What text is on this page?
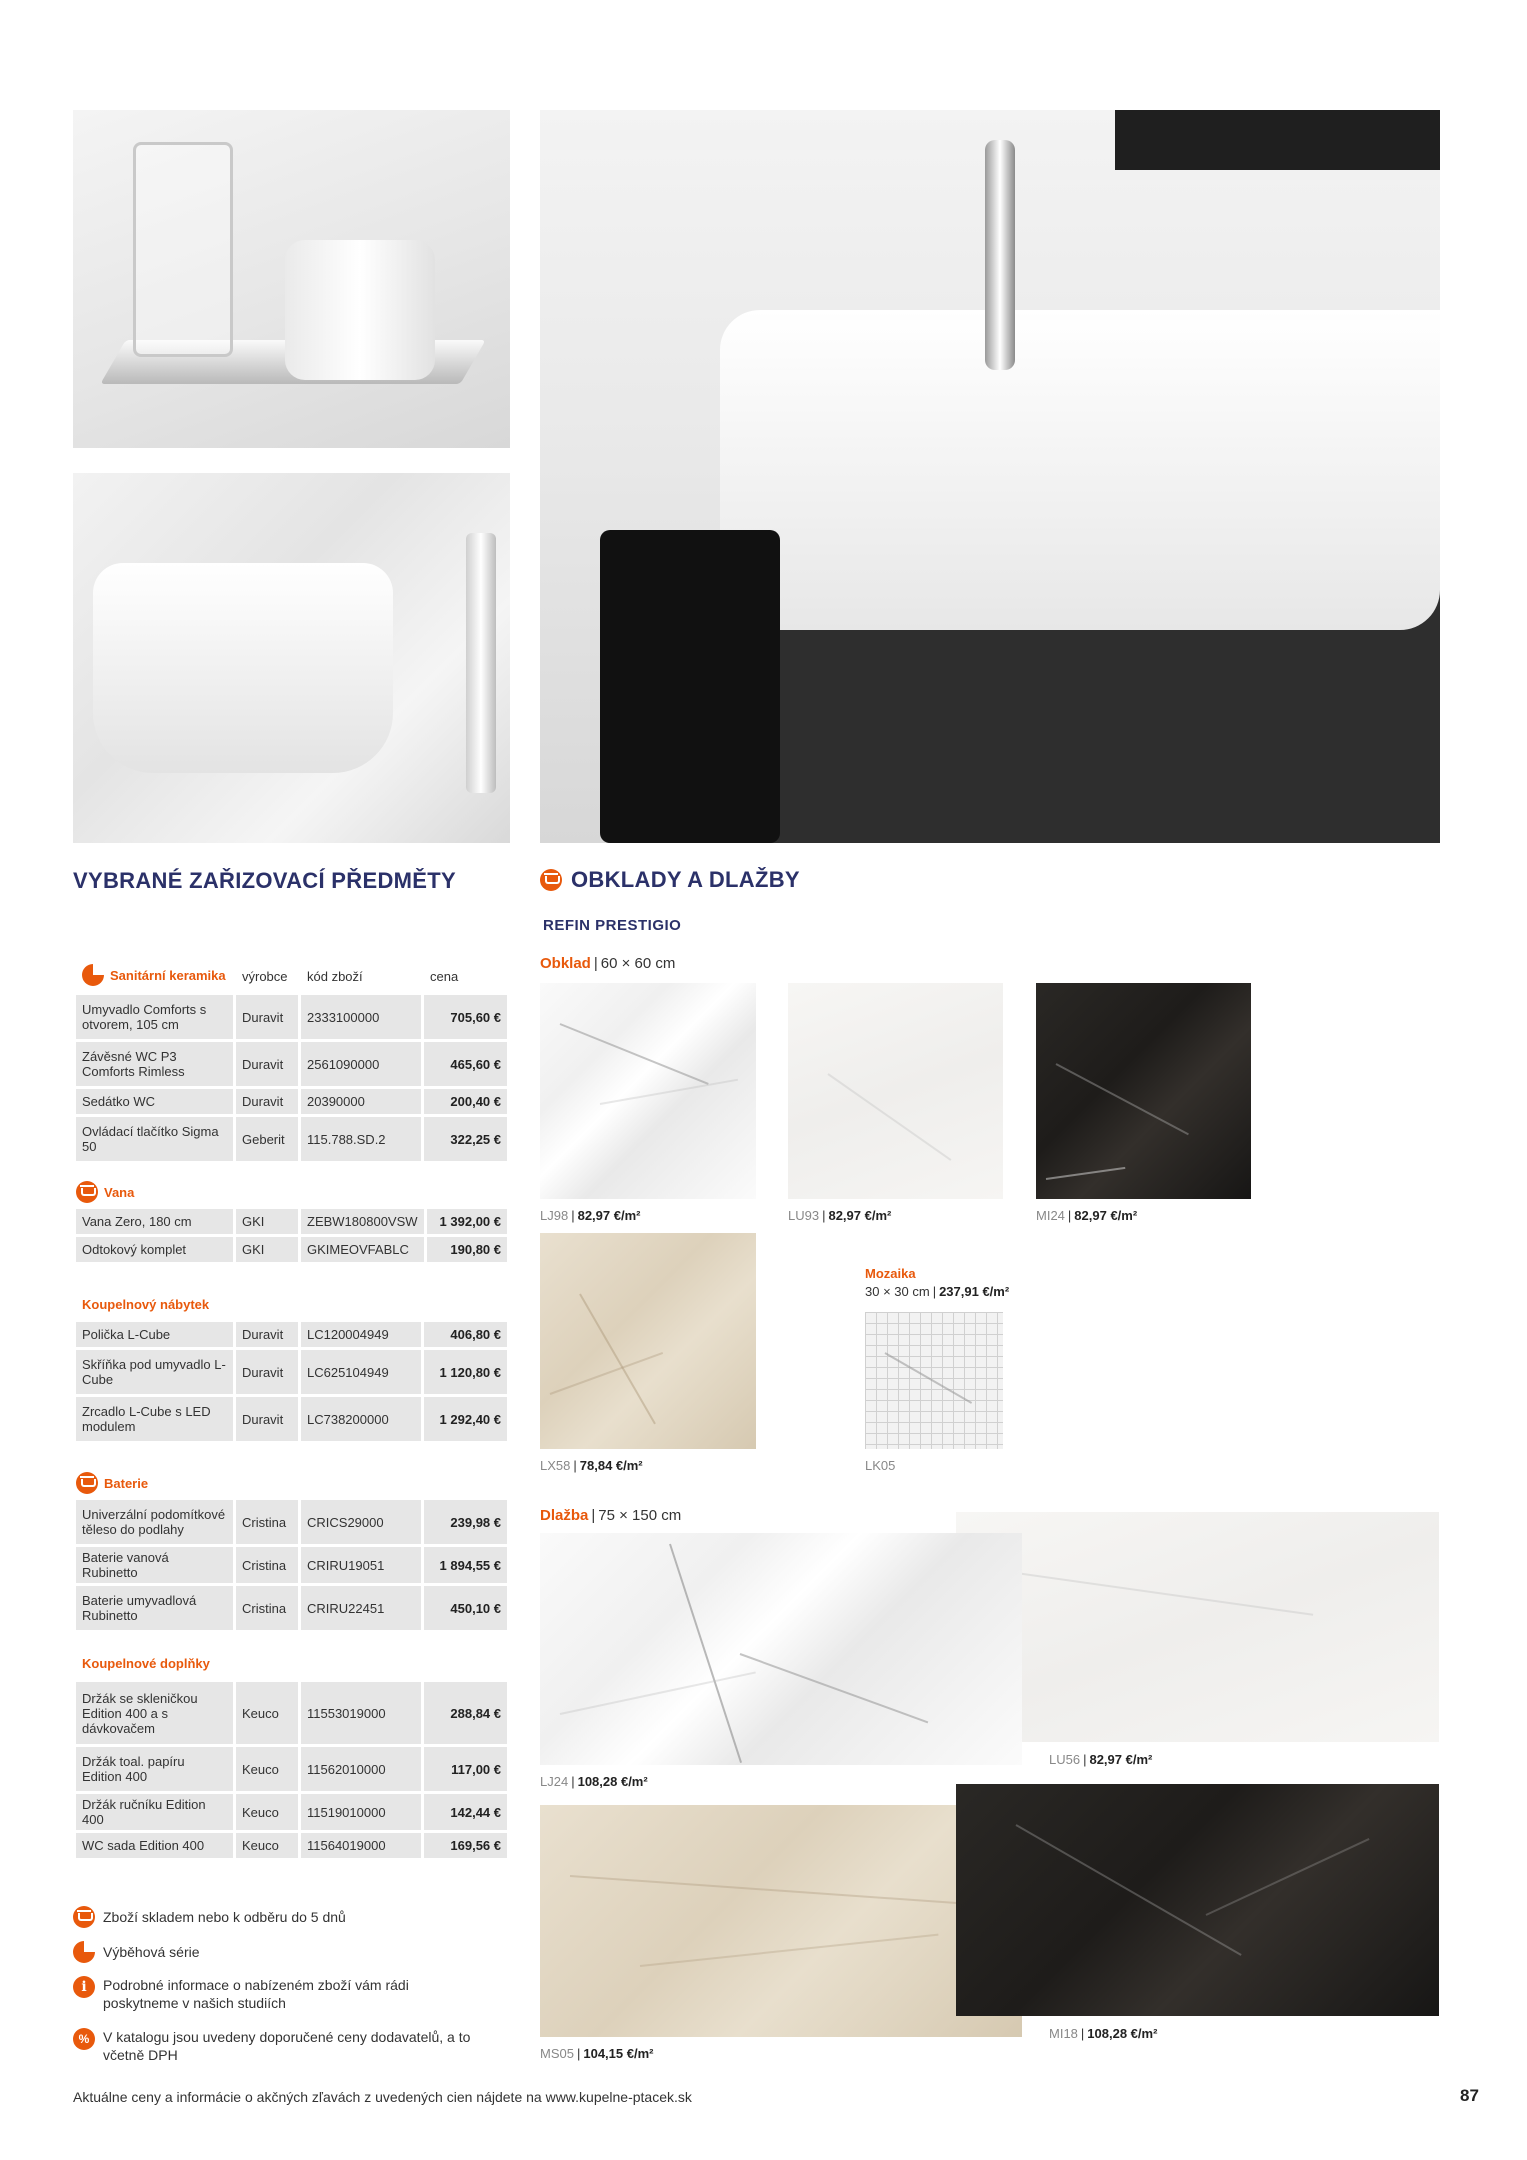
VYBRANÉ ZAŘIZOVACÍ PŘEDMĚTY	OBKLADY A DLAŽBY
REFIN PRESTIGIO
Sanitární keramika	výrobce	kód zboží	cena
Umyvadlo Comforts s otvorem, 105 cm	Duravit	2333100000	705,60 €
Závěsné WC P3 Comforts Rimless	Duravit	2561090000	465,60 €
Sedátko WC	Duravit	20390000	200,40 €
Ovládací tlačítko Sigma 50	Geberit	115.788.SD.2	322,25 €
Vana
Vana Zero, 180 cm	GKI	ZEBW180800VSW	1 392,00 €
Odtokový komplet	GKI	GKIMEOVFABLC	190,80 €
Koupelnový nábytek
Polička L-Cube	Duravit	LC120004949	406,80 €
Skříňka pod umyvadlo L-Cube	Duravit	LC625104949	1 120,80 €
Zrcadlo L-Cube s LED modulem	Duravit	LC738200000	1 292,40 €
Baterie
Univerzální podomítkové těleso do podlahy	Cristina	CRICS29000	239,98 €
Baterie vanová Rubinetto	Cristina	CRIRU19051	1 894,55 €
Baterie umyvadlová Rubinetto	Cristina	CRIRU22451	450,10 €
Koupelnové doplňky
Držák se skleničkou Edition 400 a s dávkovačem	Keuco	11553019000	288,84 €
Držák toal. papíru Edition 400	Keuco	11562010000	117,00 €
Držák ručníku Edition 400	Keuco	11519010000	142,44 €
WC sada Edition 400	Keuco	11564019000	169,56 €
Obklad | 60 × 60 cm
LJ98 | 82,97 €/m²	LU93 | 82,97 €/m²	MI24 | 82,97 €/m²
Mozaika
30 × 30 cm | 237,91 €/m²
LX58 | 78,84 €/m²	LK05
Dlažba | 75 × 150 cm
LU56 | 82,97 €/m²
LJ24 | 108,28 €/m²
MI18 | 108,28 €/m²
MS05 | 104,15 €/m²
Zboží skladem nebo k odběru do 5 dnů
Výběhová série
i	Podrobné informace o nabízeném zboží vám rádi poskytneme v našich studiích
% V katalogu jsou uvedeny doporučené ceny dodavatelů, a to včetně DPH
Aktuálne ceny a informácie o akčných zľavách z uvedených cien nájdete na www.kupelne-ptacek.sk	87
